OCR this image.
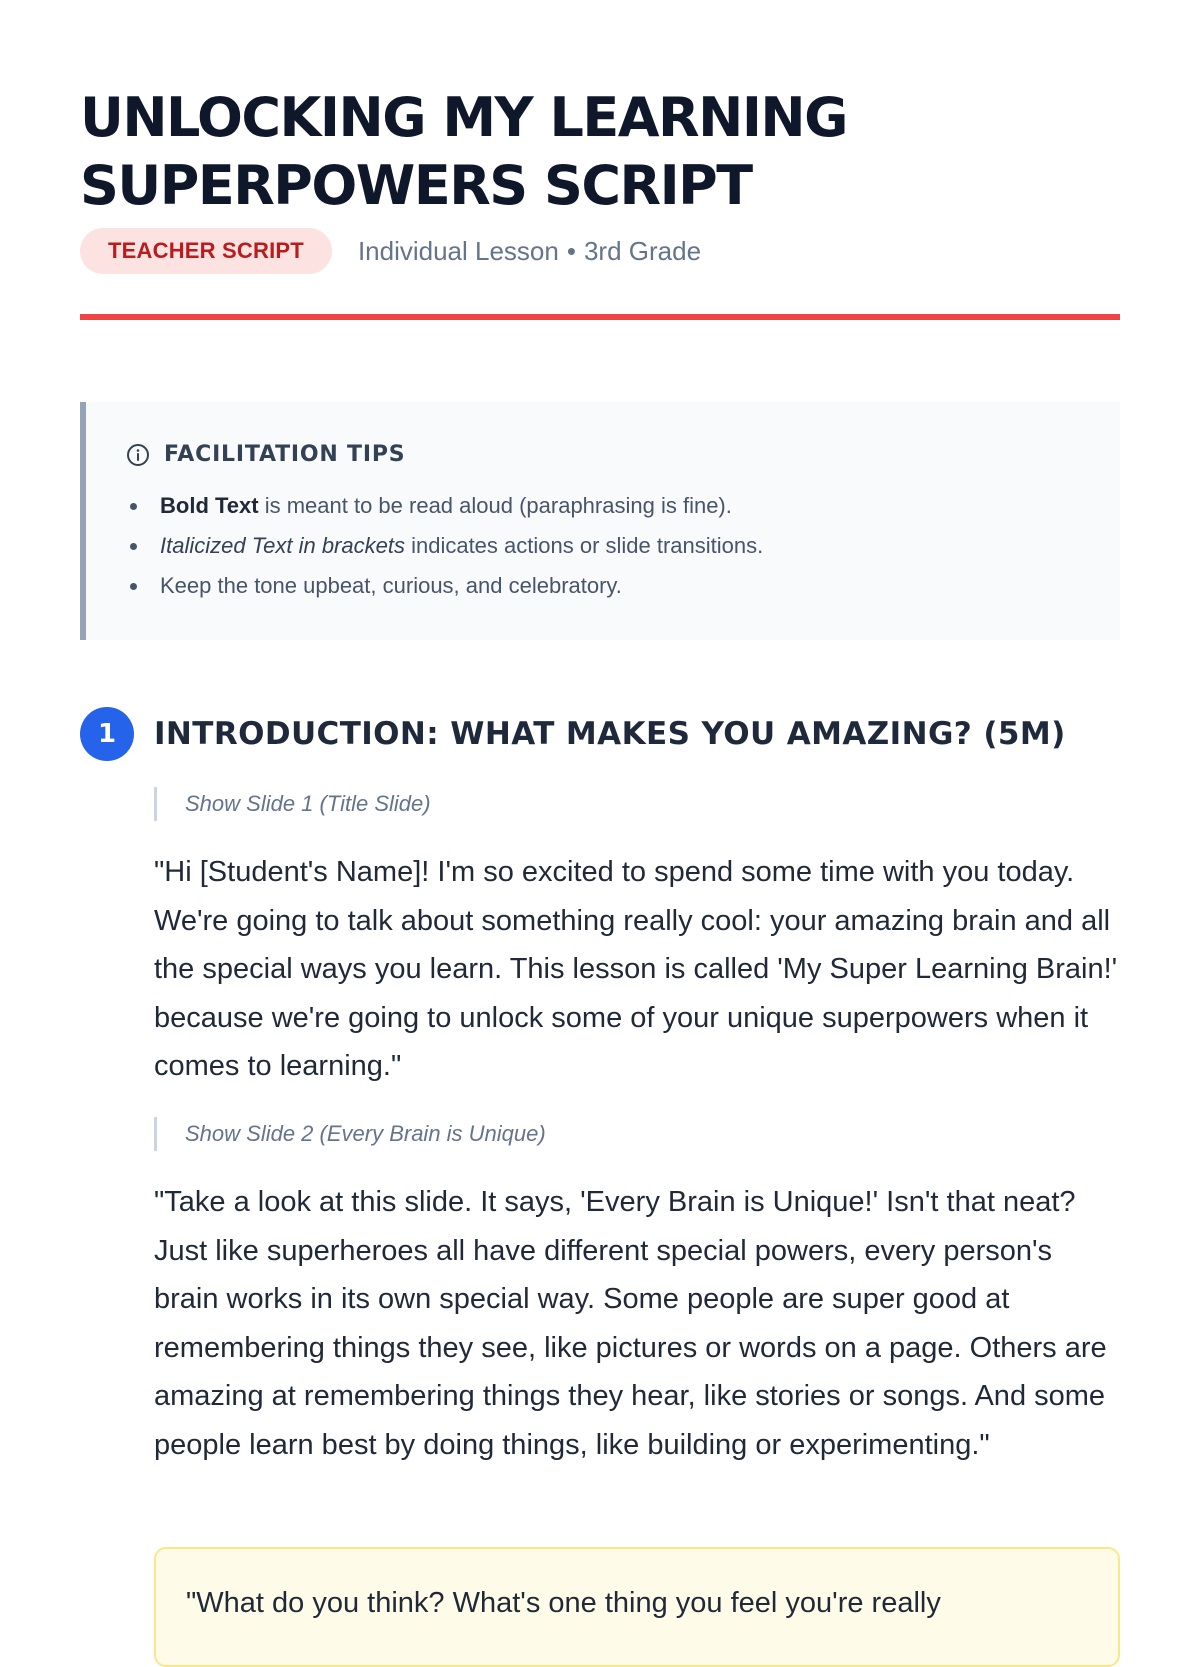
UNLOCKING MY LEARNING SUPERPOWERS SCRIPT
TEACHER SCRIPT	Individual Lesson • 3rd Grade
FACILITATION TIPS
Bold Text is meant to be read aloud (paraphrasing is fine).
Italicized Text in brackets indicates actions or slide transitions.
Keep the tone upbeat, curious, and celebratory.
1	INTRODUCTION: WHAT MAKES YOU AMAZING? (5M)
Show Slide 1 (Title Slide)

"Hi [Student's Name]! I'm so excited to spend some time with you today. We're going to talk about something really cool: your amazing brain and all the special ways you learn. This lesson is called 'My Super Learning Brain!' because we're going to unlock some of your unique superpowers when it comes to learning."

Show Slide 2 (Every Brain is Unique)

"Take a look at this slide. It says, 'Every Brain is Unique!' Isn't that neat? Just like superheroes all have different special powers, every person's brain works in its own special way. Some people are super good at remembering things they see, like pictures or words on a page. Others are amazing at remembering things they hear, like stories or songs. And some people learn best by doing things, like building or experimenting."

"What do you think? What's one thing you feel you're really
